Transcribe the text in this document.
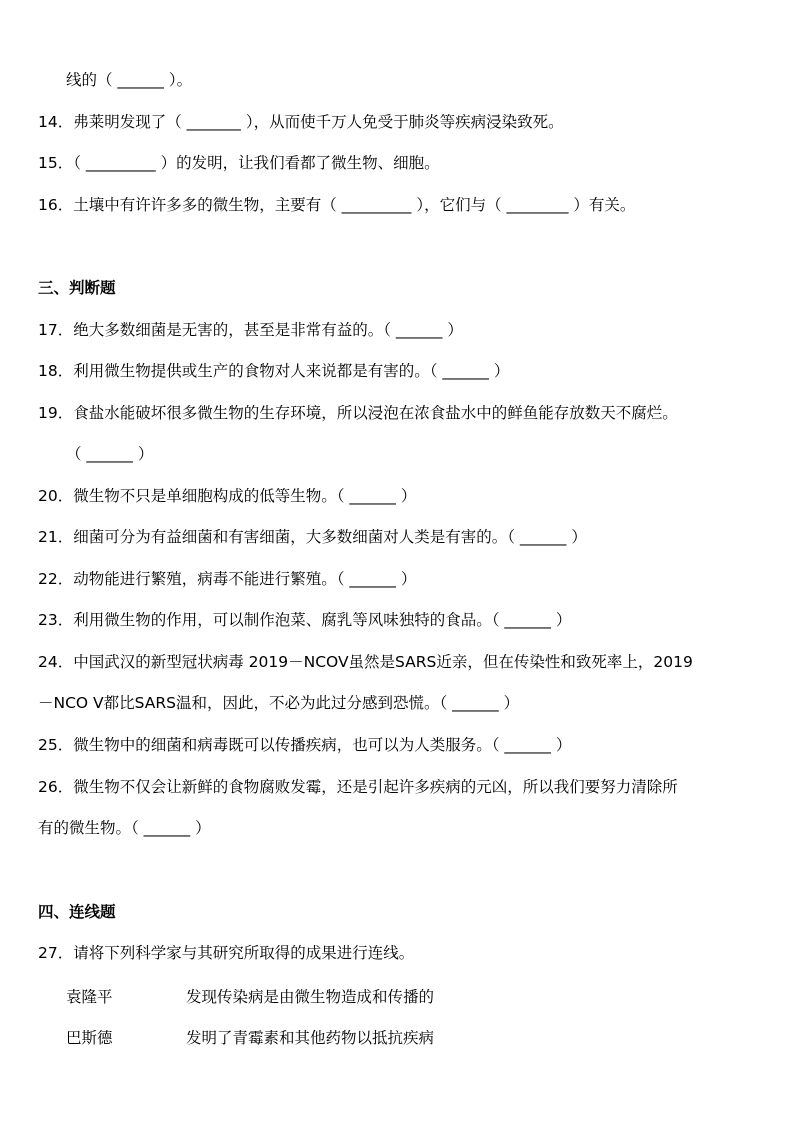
线的（ ______ ）。
14．弗莱明发现了（ _______ ），从而使千万人免受于肺炎等疾病浸染致死。
15．（ _________ ）的发明，让我们看都了微生物、细胞。
16．土壤中有许许多多的微生物，主要有（ _________ ），它们与（ ________ ）有关。
三、判断题
17．绝大多数细菌是无害的，甚至是非常有益的。（ ______ ）
18．利用微生物提供或生产的食物对人来说都是有害的。（ ______ ）
19．食盐水能破坏很多微生物的生存环境，所以浸泡在浓食盐水中的鲜鱼能存放数天不腐烂。
（ ______ ）
20．微生物不只是单细胞构成的低等生物。（ ______ ）
21．细菌可分为有益细菌和有害细菌，大多数细菌对人类是有害的。（ ______ ）
22．动物能进行繁殖，病毒不能进行繁殖。（ ______ ）
23．利用微生物的作用，可以制作泡菜、腐乳等风味独特的食品。（ ______ ）
24．中国武汉的新型冠状病毒 2019－NCOV虽然是SARS近亲，但在传染性和致死率上，2019
－NCO V都比SARS温和，因此，不必为此过分感到恐慌。（ ______ ）
25．微生物中的细菌和病毒既可以传播疾病，也可以为人类服务。（ ______ ）
26．微生物不仅会让新鲜的食物腐败发霉，还是引起许多疾病的元凶，所以我们要努力清除所
有的微生物。（ ______ ）
四、连线题
27．请将下列科学家与其研究所取得的成果进行连线。
袁隆平	发现传染病是由微生物造成和传播的
巴斯德	发明了青霉素和其他药物以抵抗疾病
